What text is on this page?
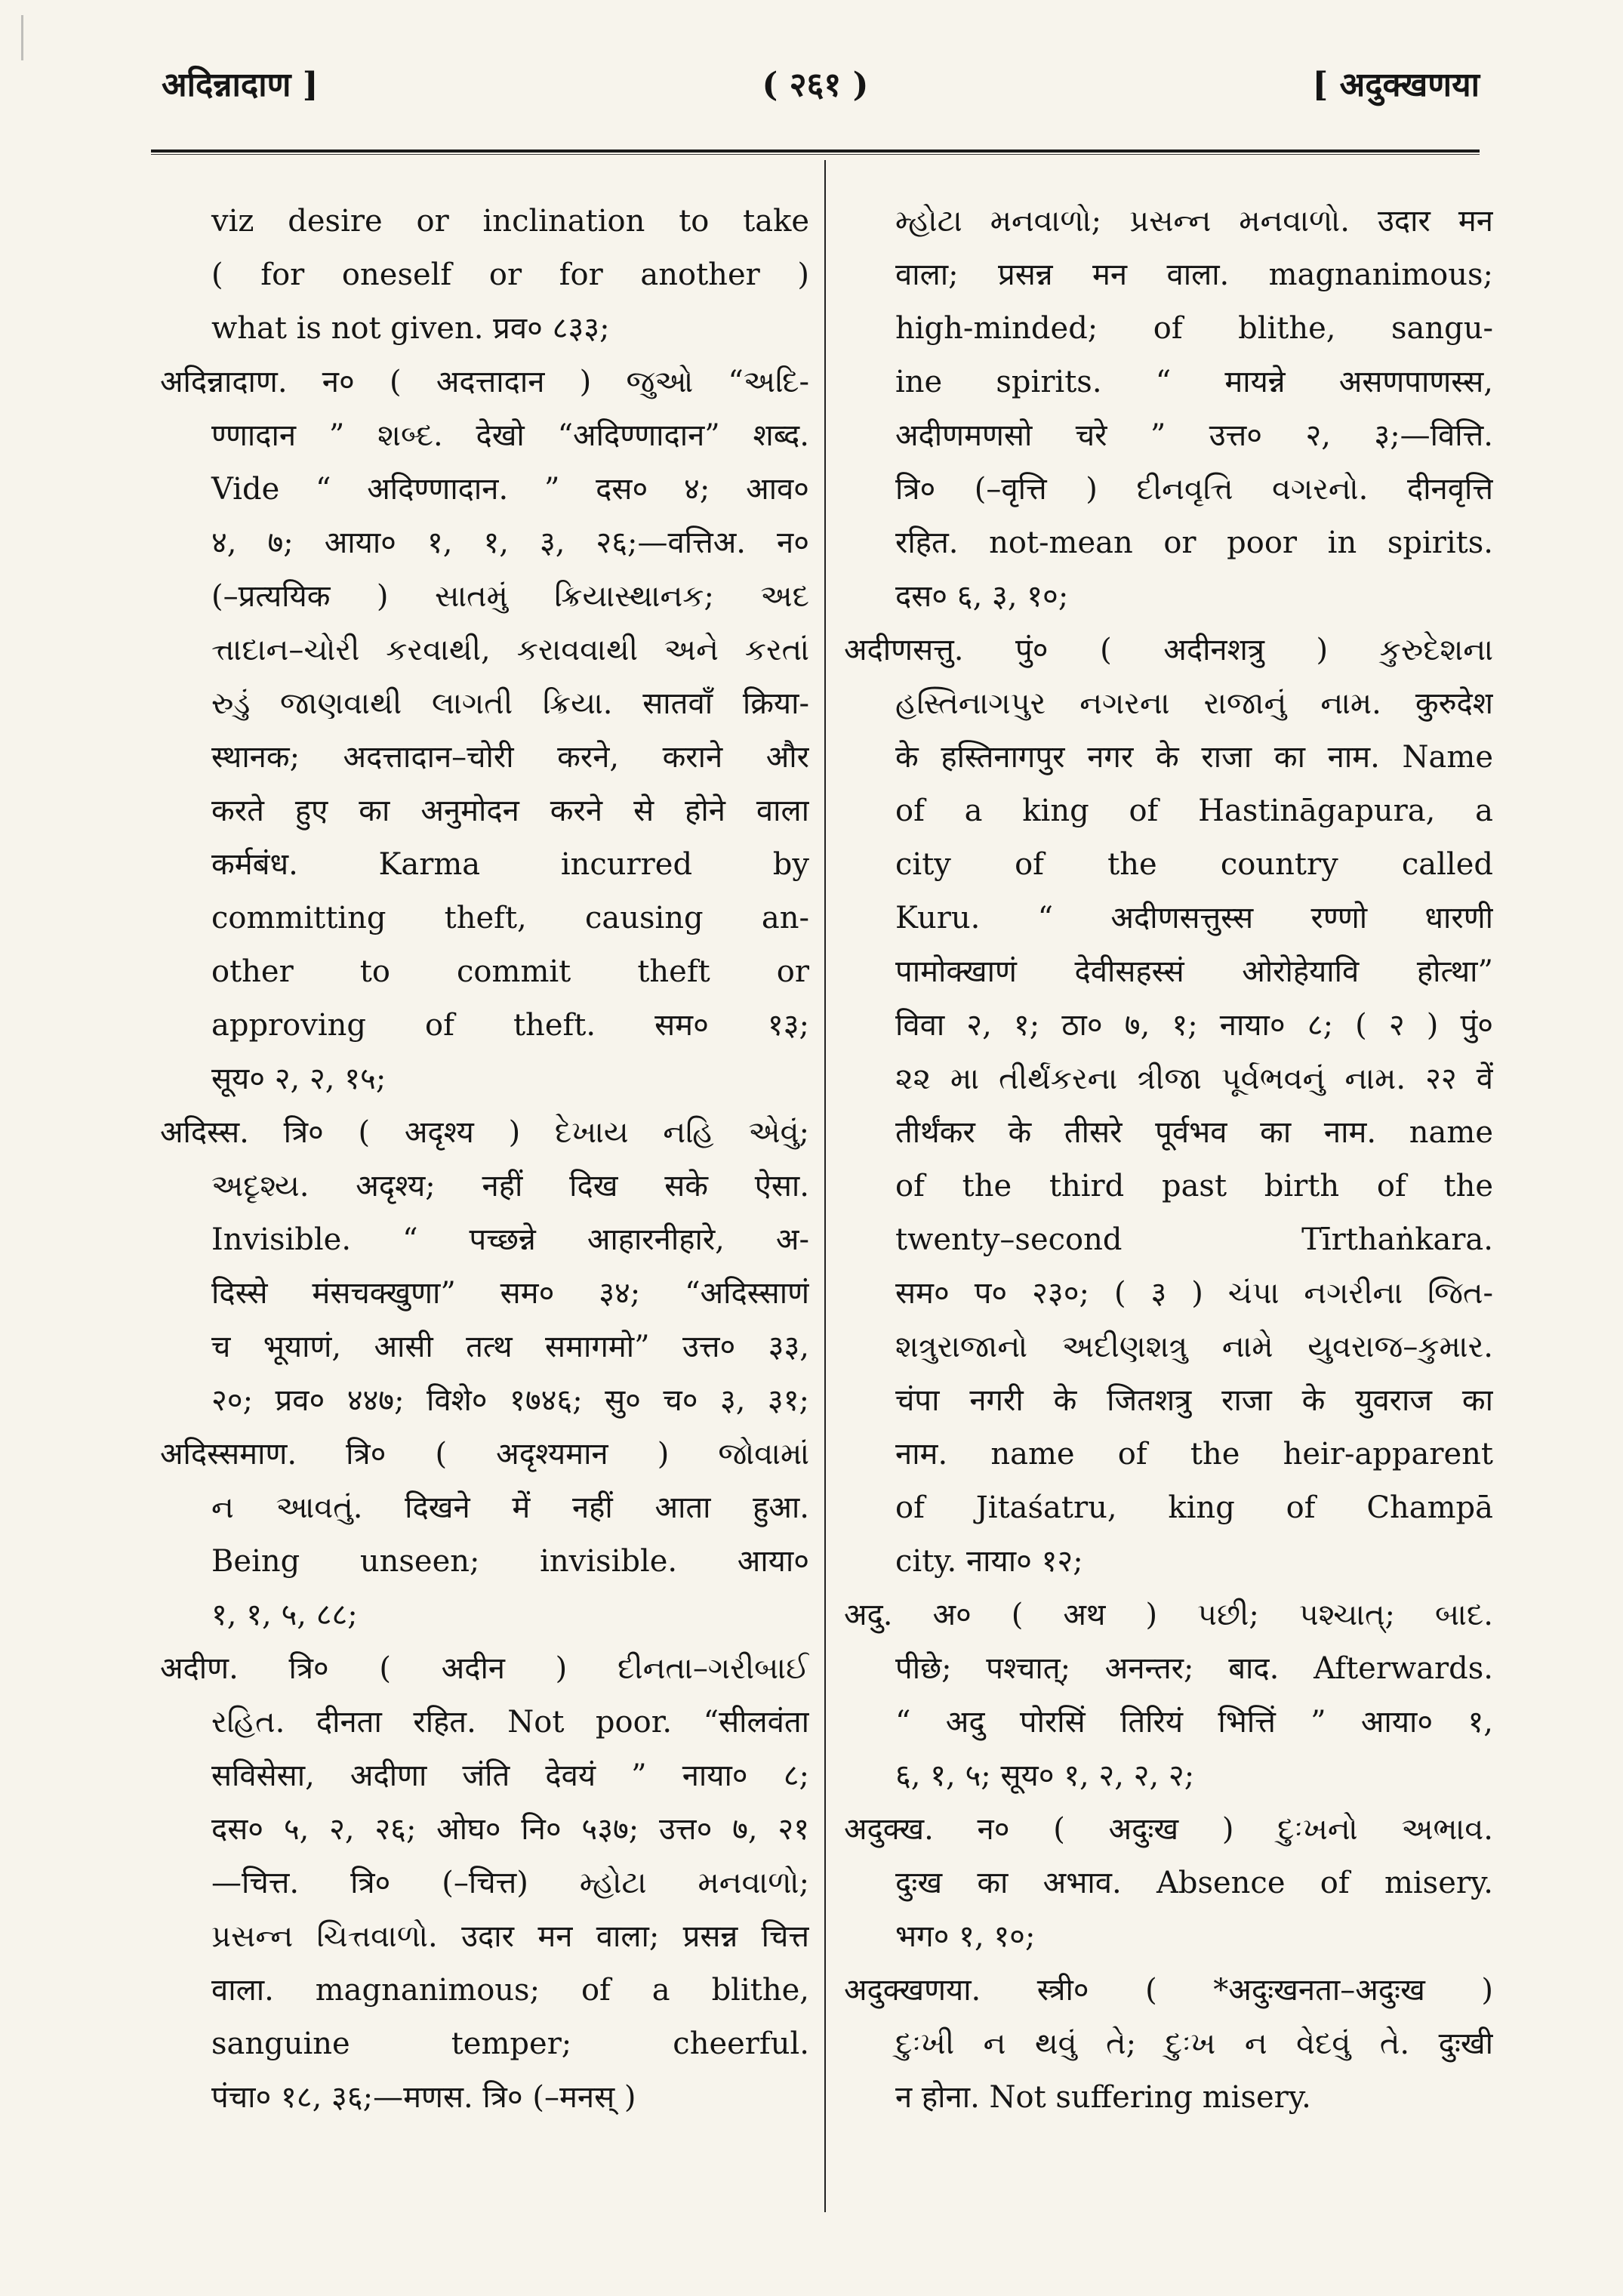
अदिन्नादाण ]	( २६१ )	[ अदुक्खणया
viz desire or inclination to take
( for oneself or for another )
what is not given. प्रव० ८३३;
अदिन्नादाण. न० ( अदत्तादान ) જુઓ “અદિ-
ण्णादान ” શબ્દ. देखो “अदिण्णादान” शब्द.
Vide “ अदिण्णादान. ” दस० ४; आव०
४, ७; आया० १, १, ३, २६;—वत्तिअ. न०
(–प्रत्ययिक ) સાતમું ક્રિયાસ્થાનક; અદ
ત્તાદાન–ચોરી કરવાથી, કરાવવાથી અને કરતાં
રુડું જાણવાથી લાગતી ક્રિયા. सातवाँ क्रिया-
स्थानक; अदत्तादान–चोरी करने, कराने और
करते हुए का अनुमोदन करने से होने वाला
कर्मबंध. Karma incurred by
committing theft, causing an-
other to commit theft or
approving of theft. सम० १३;
सूय० २, २, १५;
अदिस्स. त्रि० ( अदृश्य ) દેખાય નહિ એવું;
અદૃશ્ય. अदृश्य; नहीं दिख सके ऐसा.
Invisible. “ पच्छन्ने आहारनीहारे, अ-
दिस्से मंसचक्खुणा” सम० ३४; “अदिस्साणं
च भूयाणं, आसी तत्थ समागमो” उत्त० ३३,
२०; प्रव० ४४७; विशे० १७४६; सु० च० ३, ३१;
अदिस्समाण. त्रि० ( अदृश्यमान ) જોવામાં
ન આવતું. दिखने में नहीं आता हुआ.
Being unseen; invisible. आया०
१, १, ५, ८८;
अदीण. त्रि० ( अदीन ) દીનતા–ગરીબાઈ
રહિત. दीनता रहित. Not poor. “सीलवंता
सविसेसा, अदीणा जंति देवयं ” नाया० ८;
दस० ५, २, २६; ओघ० नि० ५३७; उत्त० ७, २१
—चित्त. त्रि० (–चित्त) મ્હોટા મનવાળો;
પ્રસન્ન ચિત્તવાળો. उदार मन वाला; प्रसन्न चित्त
वाला. magnanimous; of a blithe,
sanguine temper; cheerful.
पंचा० १८, ३६;—मणस. त्रि० (–मनस् )
મ્હોટા મનવાળો; પ્રસન્ન મનવાળો. उदार मन
वाला; प्रसन्न मन वाला. magnanimous;
high-minded; of blithe, sangu-
ine spirits. “ मायन्ने असणपाणस्स,
अदीणमणसो चरे ” उत्त० २, ३;—वित्ति.
त्रि० (–वृत्ति ) દીનવૃત્તિ વગરનો. दीनवृत्ति
रहित. not-mean or poor in spirits.
दस० ६, ३, १०;
अदीणसत्तु. पुं० ( अदीनशत्रु ) કુરુદેશના
હસ્તિનાગપુર નગરના રાજાનું નામ. कुरुदेश
के हस्तिनागपुर नगर के राजा का नाम. Name
of a king of Hastināgapura, a
city of the country called
Kuru. “ अदीणसत्तुस्स रण्णो धारणी
पामोक्खाणं देवीसहस्सं ओरोहेयावि होत्था”
विवा २, १; ठा० ७, १; नाया० ८; ( २ ) पुं०
૨૨ મા તીર્થંકરના ત્રીજા પૂર્વભવનું નામ. २२ वें
तीर्थंकर के तीसरे पूर्वभव का नाम. name
of the third past birth of the
twenty–second Tīrthaṅkara.
सम० प० २३०; ( ३ ) ચંપા નગરીના જિત-
શત્રુરાજાનો અદીણશત્રુ નામે યુવરાજ–કુમાર.
चंपा नगरी के जितशत्रु राजा के युवराज का
नाम. name of the heir-apparent
of Jitaśatru, king of Champā
city. नाया० १२;
अदु. अ० ( अथ ) પછી; પશ્ચાત્; બાદ.
पीछे; पश्चात्; अनन्तर; बाद. Afterwards.
“ अदु पोरसिं तिरियं भित्तिं ” आया० १,
६, १, ५; सूय० १, २, २, २;
अदुक्ख. न० ( अदुःख ) દુઃખનો અભાવ.
दुःख का अभाव. Absence of misery.
भग० १, १०;
अदुक्खणया. स्त्री० ( *अदुःखनता–अदुःख )
દુઃખી ન થવું તે; દુઃખ ન વેદવું તે. दुःखी
न होना. Not suffering misery.
